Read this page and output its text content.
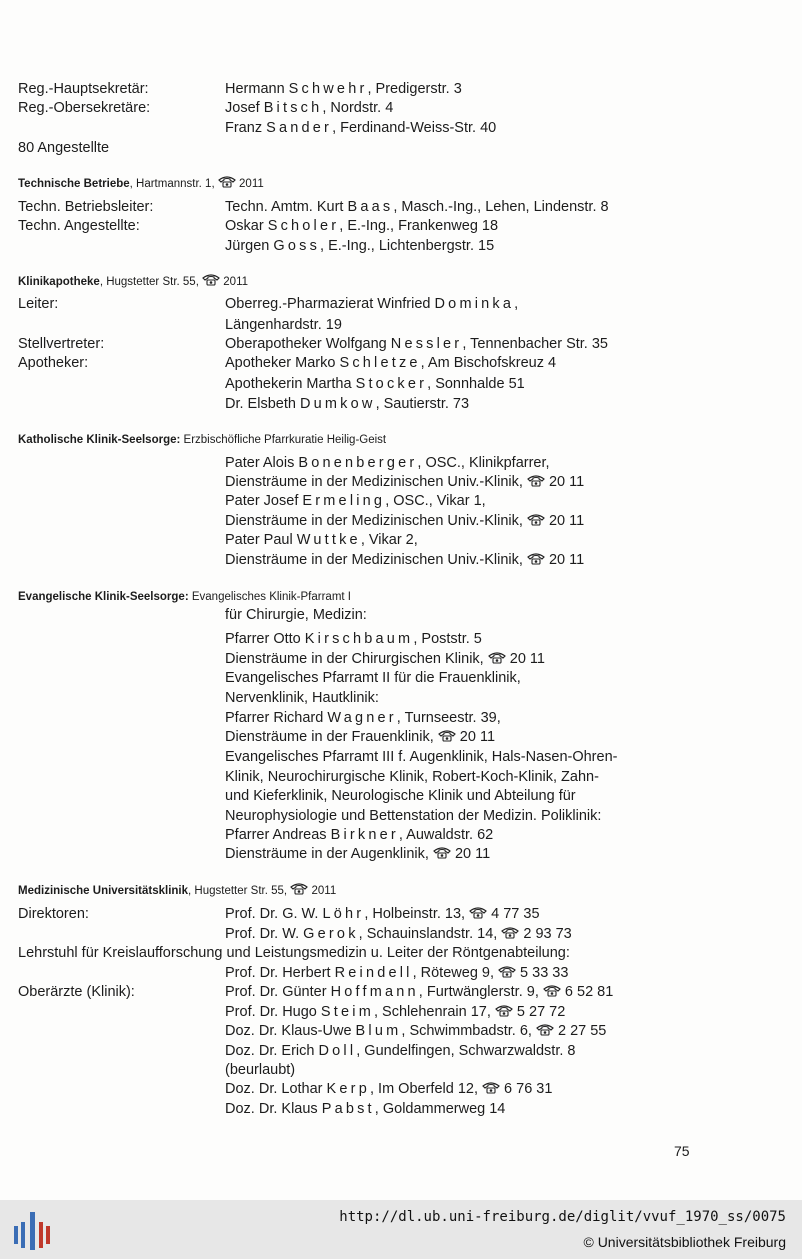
Reg.-Hauptsekretär:	Hermann Schwehr, Predigerstr. 3
Reg.-Obersekretäre:	Josef Bitsch, Nordstr. 4
Franz Sander, Ferdinand-Weiss-Str. 40
80 Angestellte
Technische Betriebe, Hartmannstr. 1,  2011
Techn. Betriebsleiter:	Techn. Amtm. Kurt Baas, Masch.-Ing., Lehen, Lindenstr. 8
Techn. Angestellte:	Oskar Scholer, E.-Ing., Frankenweg 18
Jürgen Goss, E.-Ing., Lichtenbergstr. 15
Klinikapotheke, Hugstetter Str. 55,  2011
Leiter:	Oberreg.-Pharmazierat Winfried Dominka,
Längenhardstr. 19
Stellvertreter:	Oberapotheker Wolfgang Nessler, Tennenbacher Str. 35
Apotheker:	Apotheker Marko Schletze, Am Bischofskreuz 4
Apothekerin Martha Stocker, Sonnhalde 51
Dr. Elsbeth Dumkow, Sautierstr. 73
Katholische Klinik-Seelsorge: Erzbischöfliche Pfarrkuratie Heilig-Geist
Pater Alois Bonenberger, OSC., Klinikpfarrer,
Diensträume in der Medizinischen Univ.-Klinik,  20 11
Pater Josef Ermeling, OSC., Vikar 1,
Diensträume in der Medizinischen Univ.-Klinik,  20 11
Pater Paul Wuttke, Vikar 2,
Diensträume in der Medizinischen Univ.-Klinik,  20 11
Evangelische Klinik-Seelsorge: Evangelisches Klinik-Pfarramt I
für Chirurgie, Medizin:
Pfarrer Otto Kirschbaum, Poststr. 5
Diensträume in der Chirurgischen Klinik,  20 11
Evangelisches Pfarramt II für die Frauenklinik,
Nervenklinik, Hautklinik:
Pfarrer Richard Wagner, Turnseestr. 39,
Diensträume in der Frauenklinik,  20 11
Evangelisches Pfarramt III f. Augenklinik, Hals-Nasen-Ohren-
Klinik, Neurochirurgische Klinik, Robert-Koch-Klinik, Zahn-
und Kieferklinik, Neurologische Klinik und Abteilung für
Neurophysiologie und Bettenstation der Medizin. Poliklinik:
Pfarrer Andreas Birkner, Auwaldstr. 62
Diensträume in der Augenklinik,  20 11
Medizinische Universitätsklinik, Hugstetter Str. 55,  2011
Direktoren:	Prof. Dr. G. W. Löhr, Holbeinstr. 13,  4 77 35
Prof. Dr. W. Gerok, Schauinslandstr. 14,  2 93 73
Lehrstuhl für Kreislaufforschung und Leistungsmedizin u. Leiter der Röntgenabteilung:
Prof. Dr. Herbert Reindell, Röteweg 9,  5 33 33
Oberärzte (Klinik):	Prof. Dr. Günter Hoffmann, Furtwänglerstr. 9,  6 52 81
Prof. Dr. Hugo Steim, Schlehenrain 17,  5 27 72
Doz. Dr. Klaus-Uwe Blum, Schwimmbadstr. 6,  2 27 55
Doz. Dr. Erich Doll, Gundelfingen, Schwarzwaldstr. 8
(beurlaubt)
Doz. Dr. Lothar Kerp, Im Oberfeld 12,  6 76 31
Doz. Dr. Klaus Pabst, Goldammerweg 14
75
http://dl.ub.uni-freiburg.de/diglit/vvuf_1970_ss/0075
© Universitätsbibliothek Freiburg
